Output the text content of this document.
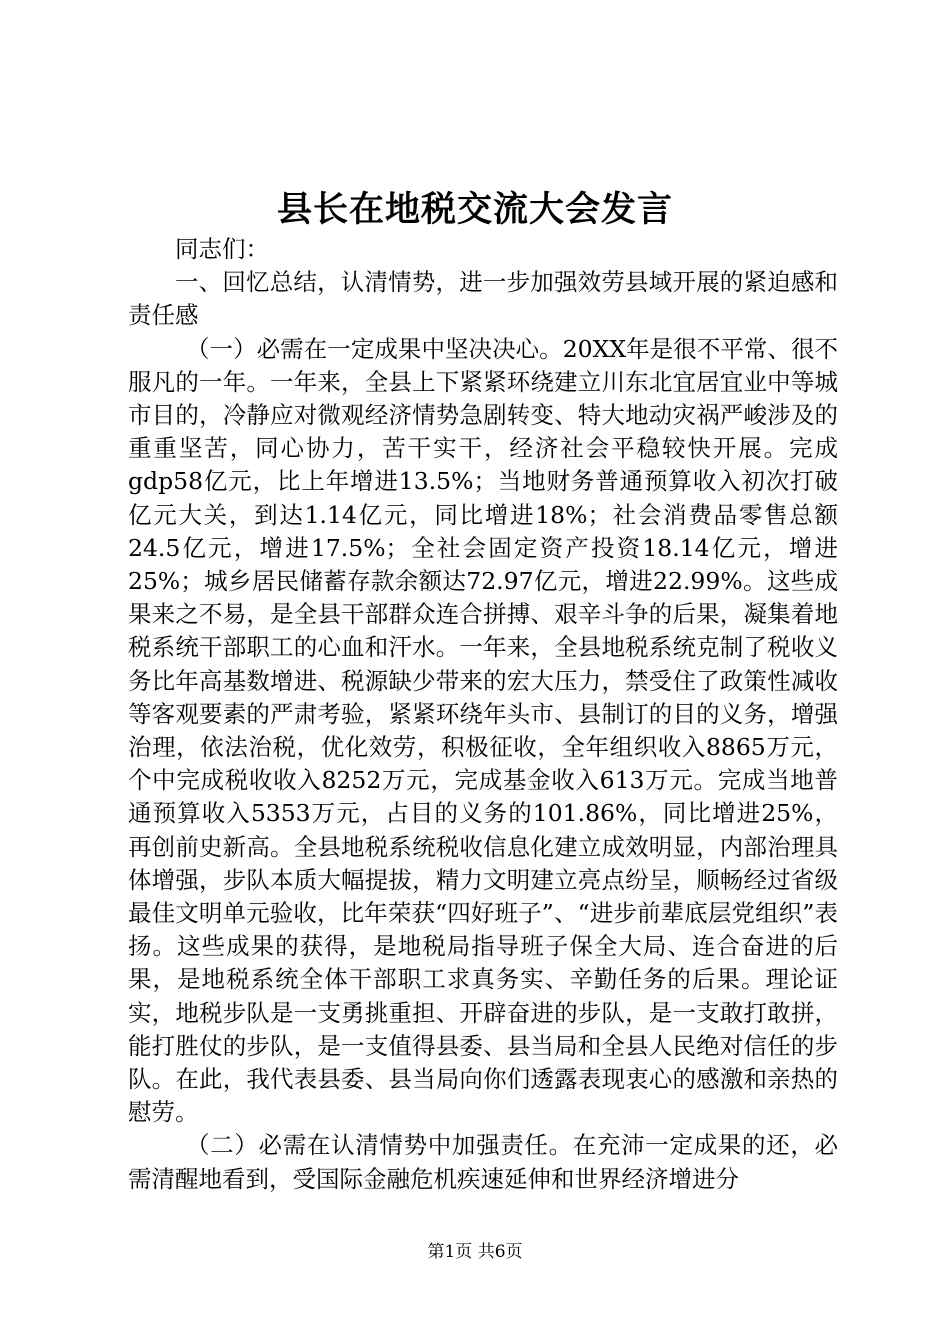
县长在地税交流大会发言

同志们：

一、回忆总结，认清情势，进一步加强效劳县域开展的紧迫感和责任感

（一）必需在一定成果中坚决决心。20XX年是很不平常、很不服凡的一年。一年来，全县上下紧紧环绕建立川东北宜居宜业中等城市目的，冷静应对微观经济情势急剧转变、特大地动灾祸严峻涉及的重重坚苦，同心协力，苦干实干，经济社会平稳较快开展。完成gdp58亿元，比上年增进13.5%；当地财务普通预算收入初次打破亿元大关，到达1.14亿元，同比增进18%；社会消费品零售总额24.5亿元，增进17.5%；全社会固定资产投资18.14亿元，增进25%；城乡居民储蓄存款余额达72.97亿元，增进22.99%。这些成果来之不易，是全县干部群众连合拼搏、艰辛斗争的后果，凝集着地税系统干部职工的心血和汗水。一年来，全县地税系统克制了税收义务比年高基数增进、税源缺少带来的宏大压力，禁受住了政策性减收等客观要素的严肃考验，紧紧环绕年头市、县制订的目的义务，增强治理，依法治税，优化效劳，积极征收，全年组织收入8865万元，个中完成税收收入8252万元，完成基金收入613万元。完成当地普通预算收入5353万元，占目的义务的101.86%，同比增进25%，再创前史新高。全县地税系统税收信息化建立成效明显，内部治理具体增强，步队本质大幅提拔，精力文明建立亮点纷呈，顺畅经过省级最佳文明单元验收，比年荣获“四好班子”、“进步前辈底层党组织”表扬。这些成果的获得，是地税局指导班子保全大局、连合奋进的后果，是地税系统全体干部职工求真务实、辛勤任务的后果。理论证实，地税步队是一支勇挑重担、开辟奋进的步队，是一支敢打敢拼，能打胜仗的步队，是一支值得县委、县当局和全县人民绝对信任的步队。在此，我代表县委、县当局向你们透露表现衷心的感激和亲热的慰劳。

（二）必需在认清情势中加强责任。在充沛一定成果的还，必需清醒地看到，受国际金融危机疾速延伸和世界经济增进分

第1页 共6页
